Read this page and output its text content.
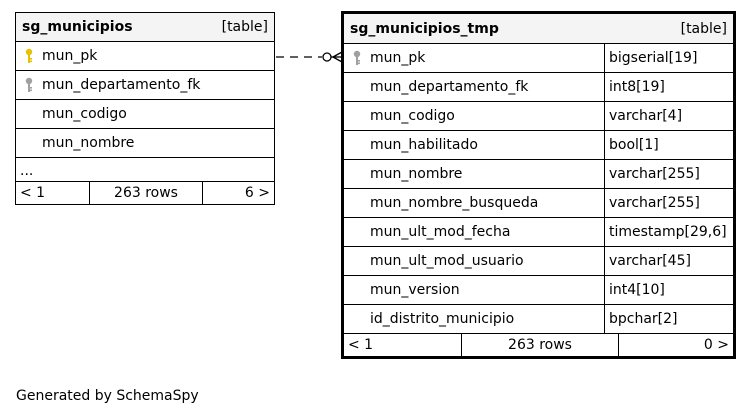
sg_municipios	[table]
mun_pk
mun_departamento_fk
mun_codigo
mun_nombre
...
< 1	263 rows	6 >
sg_municipios_tmp	[table]
mun_pk	bigserial[19]
mun_departamento_fk	int8[19]
mun_codigo	varchar[4]
mun_habilitado	bool[1]
mun_nombre	varchar[255]
mun_nombre_busqueda	varchar[255]
mun_ult_mod_fecha	timestamp[29,6]
mun_ult_mod_usuario	varchar[45]
mun_version	int4[10]
id_distrito_municipio	bpchar[2]
< 1	263 rows	0 >
Generated by SchemaSpy
